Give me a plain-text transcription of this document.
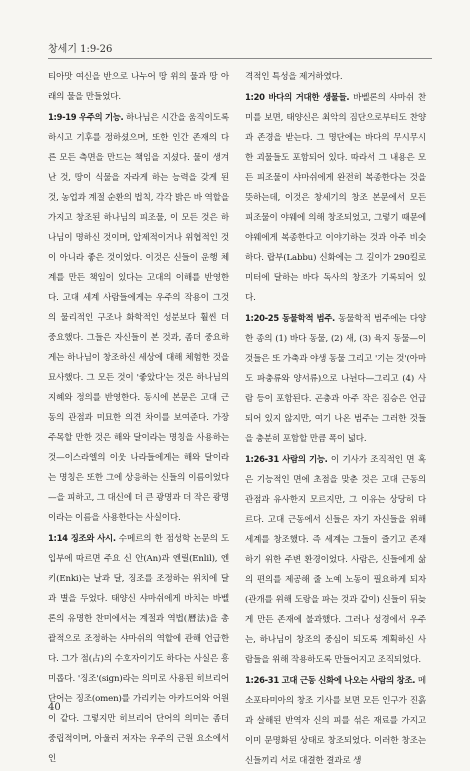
창세기 1:9-26

티아맛 여신을 반으로 나누어 땅 위의 물과 땅 아래의 물을 만들었다.

1:9-19 우주의 기능. 하나님은 시간을 움직이도록 하시고 기후를 정하셨으며, 또한 인간 존재의 다른 모든 측면을 만드는 책임을 지셨다. 물이 생겨난 것, 땅이 식물을 자라게 하는 능력을 갖게 된 것, 농업과 계절 순환의 법칙, 각각 밝은 바 역할을 가지고 창조된 하나님의 피조물, 이 모든 것은 하나님이 명하신 것이며, 압제적이거나 위협적인 것이 아니라 좋은 것이었다. 이것은 신들이 운행 체계를 만든 책임이 있다는 고대의 이해를 반영한다. 고대 세계 사람들에게는 우주의 작용이 그것의 물리적인 구조나 화학적인 성분보다 훨씬 더 중요했다. 그들은 자신들이 본 것과, 좀더 중요하게는 하나님이 창조하신 세상에 대해 체험한 것을 묘사했다. 그 모든 것이 '좋았다'는 것은 하나님의 지혜와 정의를 반영한다. 동시에 본문은 고대 근동의 관점과 미묘한 의견 차이를 보여준다. 가장 주목할 만한 것은 해와 달이라는 명칭을 사용하는 것—이스라엘의 이웃 나라들에게는 해와 달이라는 명칭은 또한 그에 상응하는 신들의 이름이었다—을 피하고, 그 대신에 더 큰 광명과 더 작은 광명이라는 이름을 사용한다는 사실이다.

1:14 징조와 사시. 수메르의 한 점성학 논문의 도입부에 따르면 주요 신 안(An)과 엔릴(Enlil), 엔키(Enki)는 날과 달, 징조를 조정하는 위치에 달과 별을 두었다. 태양신 샤마쉬에게 바치는 바벨론의 유명한 찬미에서는 계절과 역법(曆法)을 총괄적으로 조정하는 샤마쉬의 역할에 관해 언급한다. 그가 점(占)의 수호자이기도 하다는 사실은 흥미롭다. '징조'(sign)라는 의미로 사용된 히브리어 단어는 징조(omen)를 가리키는 아카드어와 어원이 같다. 그렇지만 히브리어 단어의 의미는 좀더 중립적이며, 아울러 저자는 우주의 근원 요소에서 인

격적인 특성을 제거하였다.

1:20 바다의 거대한 생물들. 바벨론의 샤마쉬 찬미를 보면, 태양신은 최악의 짐단으로부터도 찬양과 존경을 받는다. 그 명단에는 바다의 무시무시한 괴물들도 포함되어 있다. 따라서 그 내용은 모든 피조물이 샤마쉬에게 완전히 복종한다는 것을 뜻하는데, 이것은 창세기의 창조 본문에서 모든 피조물이 야웨에 의해 창조되었고, 그렇기 때문에 야웨에게 복종한다고 이야기하는 것과 아주 비슷하다. 랍부(Labbu) 신화에는 그 길이가 290킬로미터에 달하는 바다 독사의 창조가 기록되어 있다.

1:20-25 동물학적 범주. 동물학적 범주에는 다양한 종의 (1) 바다 동물, (2) 새, (3) 육지 동물—이것들은 또 가축과 야생 동물 그리고 '기는 것'(아마도 파충류와 양서류)으로 나뉜다—그리고 (4) 사람 등이 포함된다. 곤충과 아주 작은 짐승은 언급되어 있지 않지만, 여기 나온 범주는 그러한 것들을 충분히 포함할 만큼 폭이 넓다.

1:26-31 사람의 기능. 이 기사가 조직적인 면 혹은 기능적인 면에 초점을 맞춘 것은 고대 근동의 관점과 유사한지 모르지만, 그 이유는 상당히 다르다. 고대 근동에서 신들은 자기 자신들을 위해 세계를 창조했다. 즉 세계는 그들이 즐기고 존재하기 위한 주변 환경이었다. 사람은, 신들에게 삶의 편의를 제공해 줄 노예 노동이 필요하게 되자(관개를 위해 도랑을 파는 것과 같이) 신들이 뒤늦게 만든 존재에 불과했다. 그러나 성경에서 우주는, 하나님이 창조의 중심이 되도록 계획하신 사람들을 위해 작용하도록 만들어지고 조직되었다.

1:26-31 고대 근동 신화에 나오는 사람의 창조. 메소포타미아의 창조 기사를 보면 모든 인구가 진흙과 살해된 반역자 신의 피를 섞은 재료를 가지고 이미 문명화된 상태로 창조되었다. 이러한 창조는 신들끼리 서로 대결한 결과로 생

40
